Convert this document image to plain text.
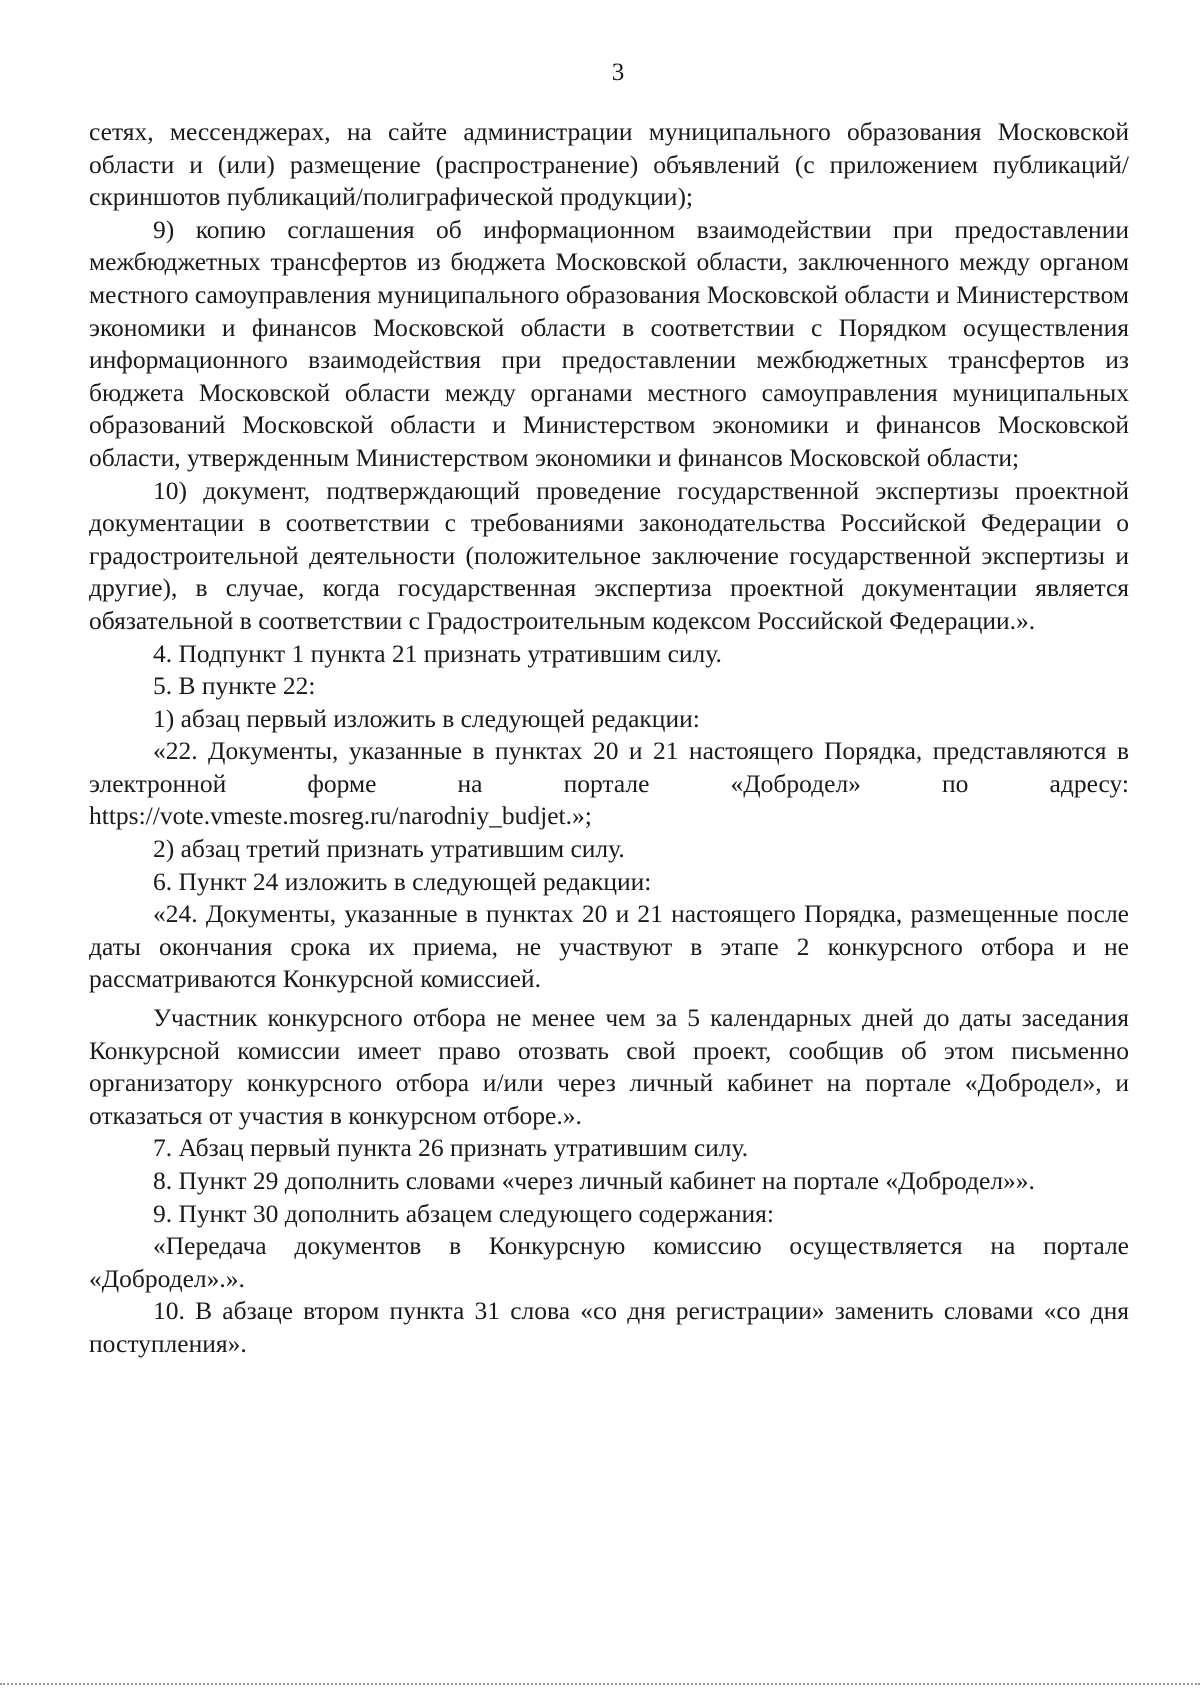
3

сетях, мессенджерах, на сайте администрации муниципального образования Московской области и (или) размещение (распространение) объявлений (с приложением публикаций/скриншотов публикаций/полиграфической продукции);

9) копию соглашения об информационном взаимодействии при предоставлении межбюджетных трансфертов из бюджета Московской области, заключенного между органом местного самоуправления муниципального образования Московской области и Министерством экономики и финансов Московской области в соответствии с Порядком осуществления информационного взаимодействия при предоставлении межбюджетных трансфертов из бюджета Московской области между органами местного самоуправления муниципальных образований Московской области и Министерством экономики и финансов Московской области, утвержденным Министерством экономики и финансов Московской области;

10) документ, подтверждающий проведение государственной экспертизы проектной документации в соответствии с требованиями законодательства Российской Федерации о градостроительной деятельности (положительное заключение государственной экспертизы и другие), в случае, когда государственная экспертиза проектной документации является обязательной в соответствии с Градостроительным кодексом Российской Федерации.».

4. Подпункт 1 пункта 21 признать утратившим силу.

5. В пункте 22:

1) абзац первый изложить в следующей редакции:

«22. Документы, указанные в пунктах 20 и 21 настоящего Порядка, представляются в электронной форме на портале «Добродел» по адресу: https://vote.vmeste.mosreg.ru/narodniy_budjet.»;

2) абзац третий признать утратившим силу.

6. Пункт 24 изложить в следующей редакции:

«24. Документы, указанные в пунктах 20 и 21 настоящего Порядка, размещенные после даты окончания срока их приема, не участвуют в этапе 2 конкурсного отбора и не рассматриваются Конкурсной комиссией.

Участник конкурсного отбора не менее чем за 5 календарных дней до даты заседания Конкурсной комиссии имеет право отозвать свой проект, сообщив об этом письменно организатору конкурсного отбора и/или через личный кабинет на портале «Добродел», и отказаться от участия в конкурсном отборе.».

7. Абзац первый пункта 26 признать утратившим силу.

8. Пункт 29 дополнить словами «через личный кабинет на портале «Добродел»».

9. Пункт 30 дополнить абзацем следующего содержания:

«Передача документов в Конкурсную комиссию осуществляется на портале «Добродел».».

10. В абзаце втором пункта 31 слова «со дня регистрации» заменить словами «со дня поступления».
